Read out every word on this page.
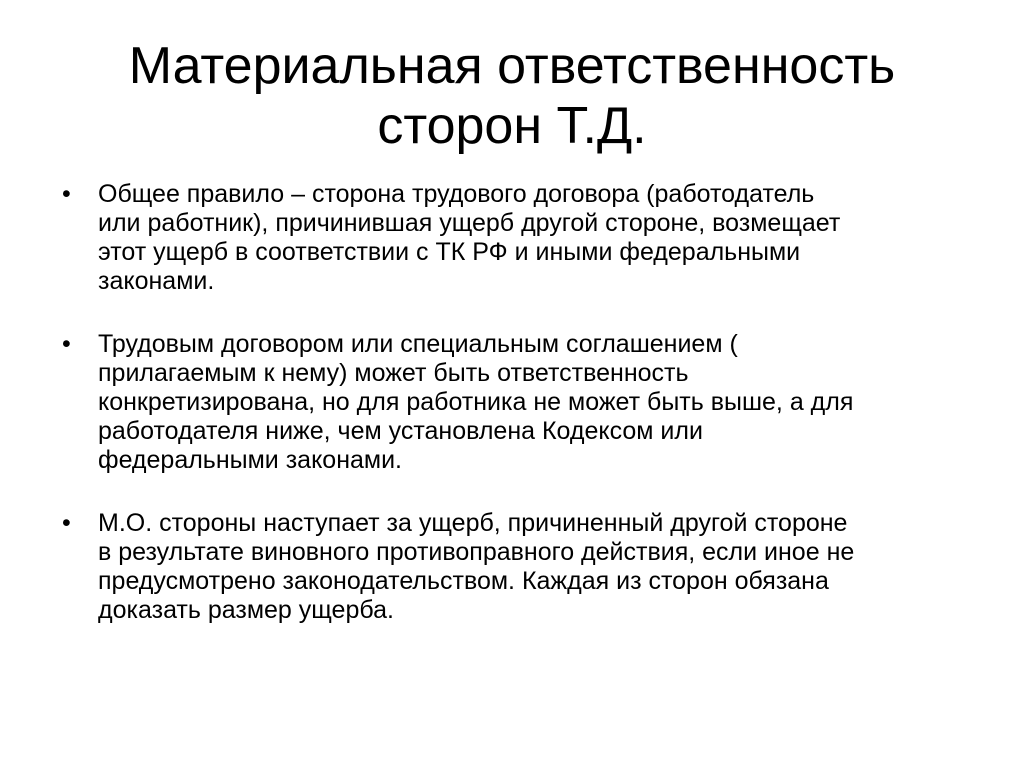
Материальная ответственность
сторон Т.Д.
•	Общее правило – сторона трудового договора (работодатель
или работник), причинившая ущерб другой стороне, возмещает
этот ущерб в соответствии с ТК РФ и иными федеральными
законами.
•	Трудовым договором или специальным соглашением (
прилагаемым к нему) может быть ответственность
конкретизирована, но для работника не может быть выше, а для
работодателя ниже, чем установлена Кодексом или
федеральными законами.
•	М.О. стороны наступает за ущерб, причиненный другой стороне
в результате виновного противоправного действия, если иное не
предусмотрено законодательством. Каждая из сторон обязана
доказать размер ущерба.
